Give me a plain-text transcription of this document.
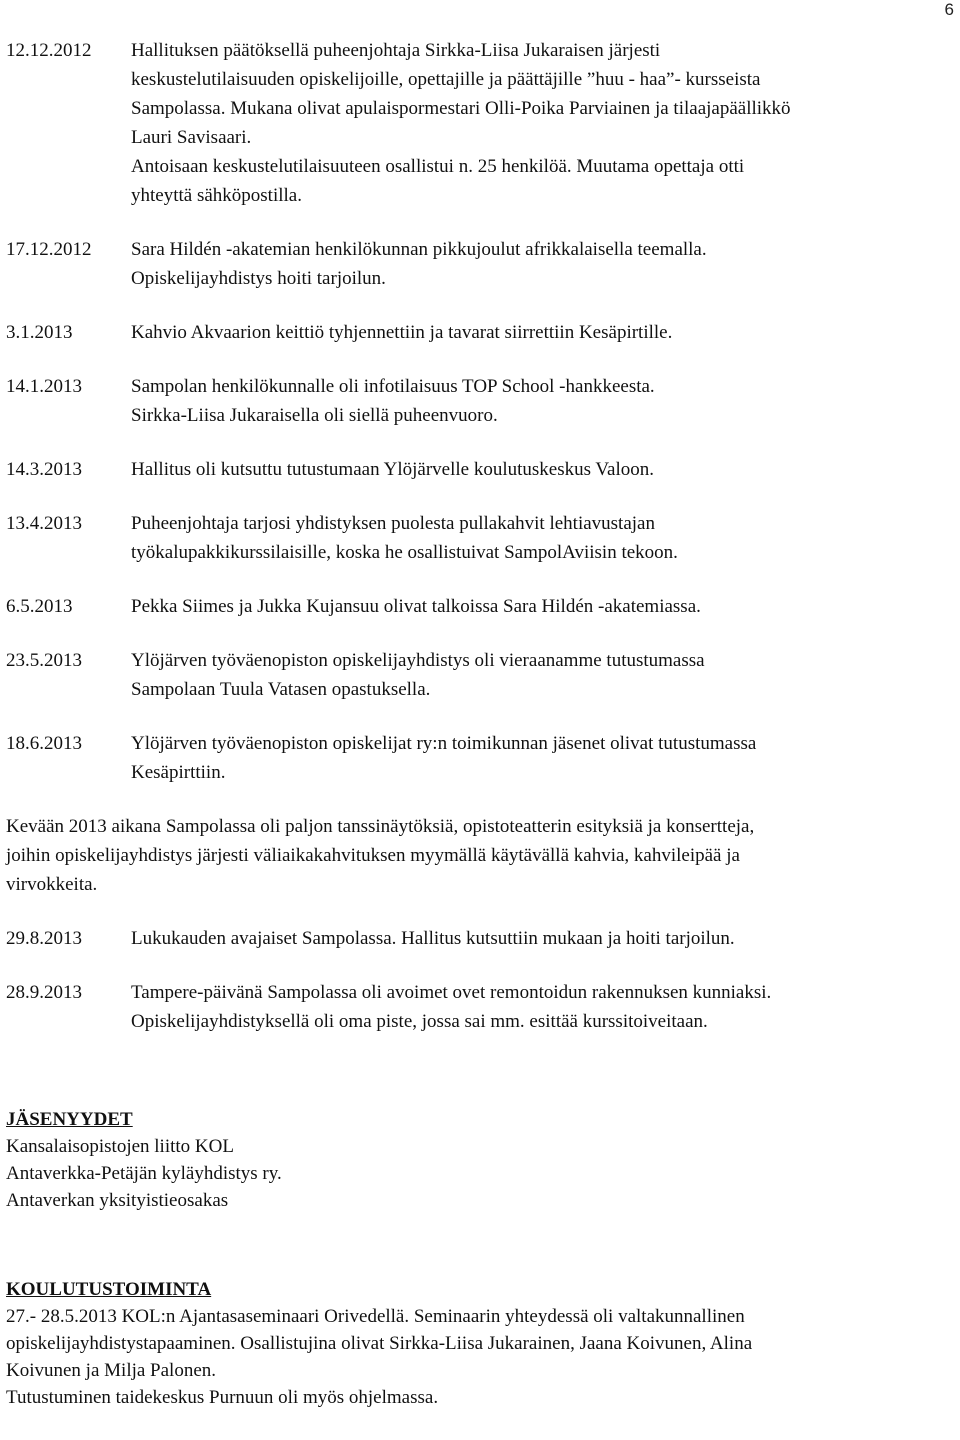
6
12.12.2012	Hallituksen päätöksellä puheenjohtaja Sirkka-Liisa Jukaraisen järjesti
keskustelutilaisuuden opiskelijoille, opettajille ja päättäjille ”huu - haa”- kursseista
Sampolassa. Mukana olivat apulaispormestari Olli-Poika Parviainen ja tilaajapäällikkö
Lauri Savisaari.
Antoisaan keskustelutilaisuuteen osallistui n. 25 henkilöä. Muutama opettaja otti
yhteyttä sähköpostilla.
17.12.2012	Sara Hildén -akatemian henkilökunnan pikkujoulut afrikkalaisella teemalla.
Opiskelijayhdistys hoiti tarjoilun.
3.1.2013	Kahvio Akvaarion keittiö tyhjennettiin ja tavarat siirrettiin Kesäpirtille.
14.1.2013	Sampolan henkilökunnalle oli infotilaisuus TOP School -hankkeesta.
Sirkka-Liisa Jukaraisella oli siellä puheenvuoro.
14.3.2013	Hallitus oli kutsuttu tutustumaan Ylöjärvelle koulutuskeskus Valoon.
13.4.2013	Puheenjohtaja tarjosi yhdistyksen puolesta pullakahvit lehtiavustajan
työkalupakkikurssilaisille, koska he osallistuivat SampolAviisin tekoon.
6.5.2013	Pekka Siimes ja Jukka Kujansuu olivat talkoissa Sara Hildén -akatemiassa.
23.5.2013	Ylöjärven työväenopiston opiskelijayhdistys oli vieraanamme tutustumassa
Sampolaan Tuula Vatasen opastuksella.
18.6.2013	Ylöjärven työväenopiston opiskelijat ry:n toimikunnan jäsenet olivat tutustumassa
Kesäpirttiin.
Kevään 2013 aikana Sampolassa oli paljon tanssinäytöksiä, opistoteatterin esityksiä ja konsertteja,
joihin opiskelijayhdistys järjesti väliaikakahvituksen myymällä käytävällä kahvia, kahvileipää ja
virvokkeita.
29.8.2013	Lukukauden avajaiset Sampolassa. Hallitus kutsuttiin mukaan ja hoiti tarjoilun.
28.9.2013	Tampere-päivänä Sampolassa oli avoimet ovet remontoidun rakennuksen kunniaksi.
Opiskelijayhdistyksellä oli oma piste, jossa sai mm. esittää kurssitoiveitaan.
JÄSENYYDET
Kansalaisopistojen liitto KOL
Antaverkka-Petäjän kyläyhdistys ry.
Antaverkan yksityistieosakas
KOULUTUSTOIMINTA
27.- 28.5.2013 KOL:n Ajantasaseminaari Orivedellä. Seminaarin yhteydessä oli valtakunnallinen
opiskelijayhdistystapaaminen. Osallistujina olivat Sirkka-Liisa Jukarainen, Jaana Koivunen, Alina
Koivunen ja Milja Palonen.
Tutustuminen taidekeskus Purnuun oli myös ohjelmassa.
